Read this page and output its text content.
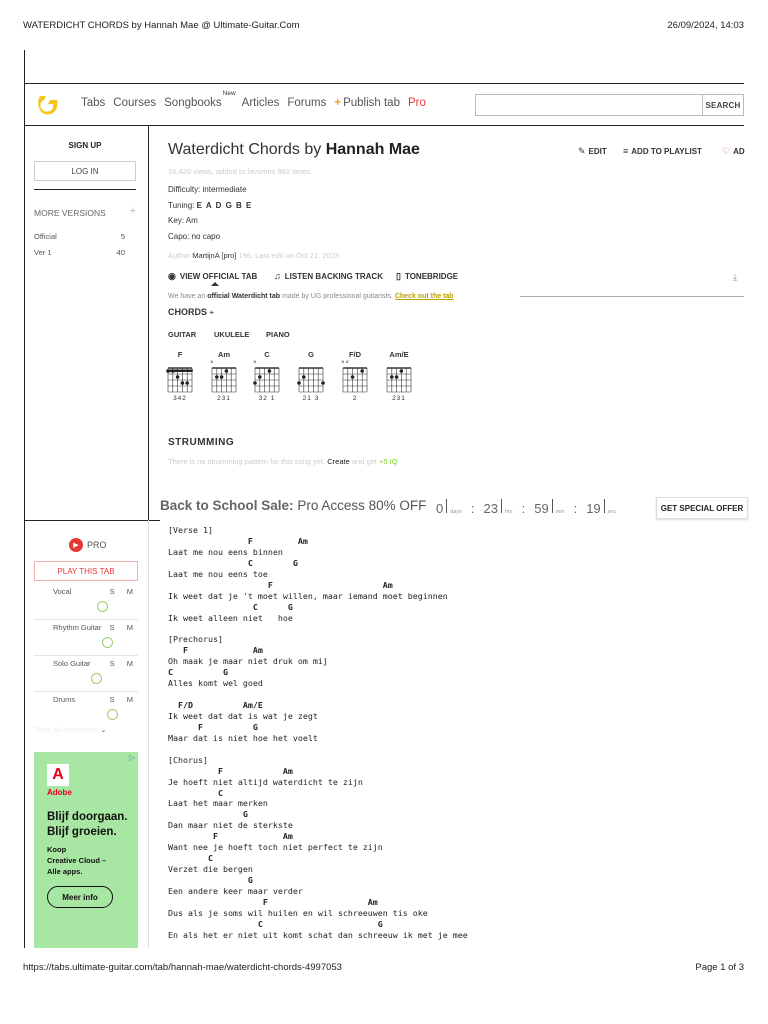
WATERDICHT CHORDS by Hannah Mae @ Ultimate-Guitar.Com	26/09/2024, 14:03
https://tabs.ultimate-guitar.com/tab/hannah-mae/waterdicht-chords-4997053	Page 1 of 3
Tabs Courses Songbooks
New
Articles Forums + Publish tab Pro	SEARCH
SIGN UP
LOG IN
MORE VERSIONS +
Official	5
Ver 1	40
Waterdicht Chords by Hannah Mae
16,420 views, added to favorites 982 times
Difficulty: intermediate
Tuning: E A D G B E
Key: Am
Capo: no capo
Author MartijnA [pro] 196. Last edit on Oct 21, 2023
✎ EDIT ≡ ADD TO PLAYLIST ♡ AD
◉ VIEW OFFICIAL TAB ♫ LISTEN BACKING TRACK ▯ TONEBRIDGE	⤓
We have an official Waterdicht tab made by UG professional guitarists. Check out the tab
CHORDS ⌖
GUITAR UKULELE PIANO
F
342
Am
×
231
C
×
32 1
G
21 3
F/D
××
2
Am/E
231
STRUMMING
There is no strumming pattern for this song yet. Create and get +5 IQ
Back to School Sale: Pro Access 80% OFF 0 days : 23 hrs : 59 min : 19 sec	GET SPECIAL OFFER
▶ PRO
PLAY THIS TAB
Vocal	S M
Rhythm Guitar S M
Solo Guitar	S M
Drums	S M
Show all instruments ⌄
▷
A
Adobe
Blijf doorgaan.
Blijf groeien.
Koop
Creative Cloud –
Alle apps.
Meer info
[Verse 1]
F         Am
Laat me nou eens binnen
C        G
Laat me nou eens toe
F                      Am
Ik weet dat je 't moet willen, maar iemand moet beginnen
C      G
Ik weet alleen niet   hoe
[Prechorus]
F             Am
Oh maak je maar niet druk om mij
C          G
Alles komt wel goed
F/D          Am/E
Ik weet dat dat is wat je zegt
F          G
Maar dat is niet hoe het voelt
[Chorus]
F            Am
Je hoeft niet altijd waterdicht te zijn
C
Laat het maar merken
G
Dan maar niet de sterkste
F             Am
Want nee je hoeft toch niet perfect te zijn
C
Verzet die bergen
G
Een andere keer maar verder
F                    Am
Dus als je soms wil huilen en wil schreeuwen tis oke
C                       G
En als het er niet uit komt schat dan schreeuw ik met je mee
